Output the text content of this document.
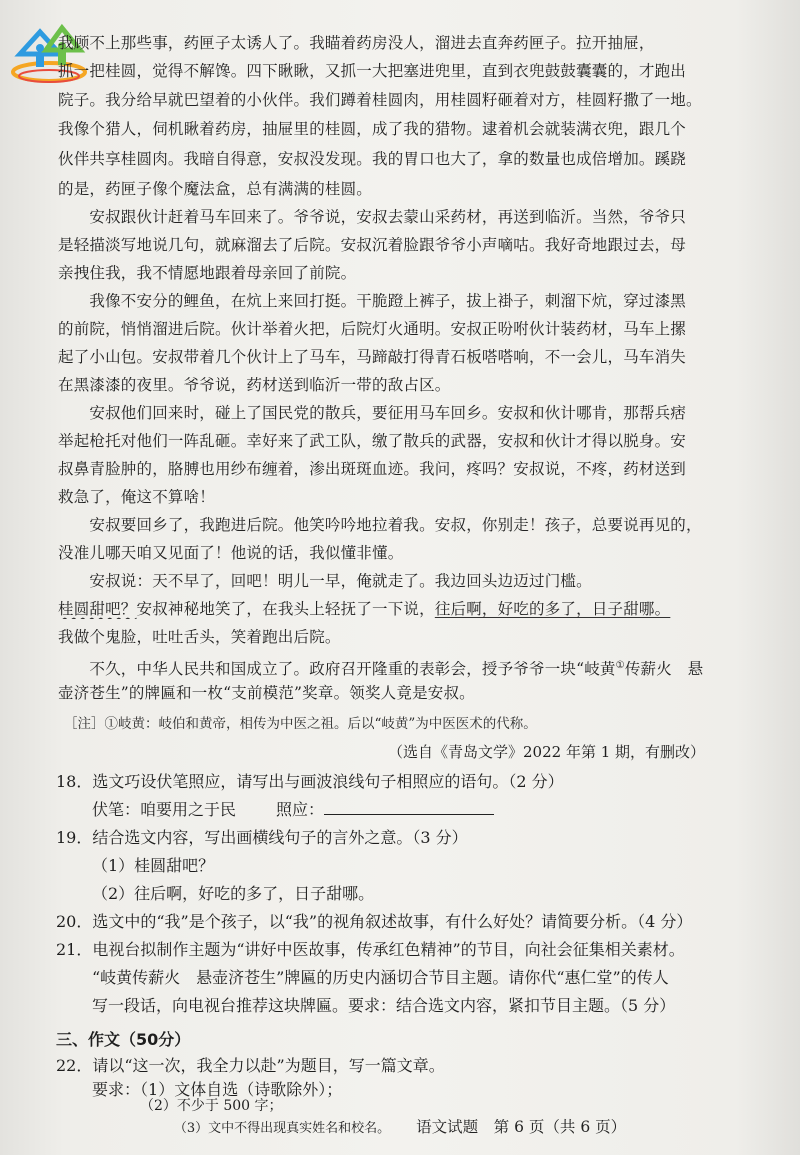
我顾不上那些事，药匣子太诱人了。我瞄着药房没人，溜进去直奔药匣子。拉开抽屉，
抓一把桂圆，觉得不解馋。四下瞅瞅，又抓一大把塞进兜里，直到衣兜鼓鼓囊囊的，才跑出
院子。我分给早就巴望着的小伙伴。我们蹲着桂圆肉，用桂圆籽砸着对方，桂圆籽撒了一地。
我像个猎人，伺机瞅着药房，抽屉里的桂圆，成了我的猎物。逮着机会就装满衣兜，跟几个
伙伴共享桂圆肉。我暗自得意，安叔没发现。我的胃口也大了，拿的数量也成倍增加。蹊跷
的是，药匣子像个魔法盒，总有满满的桂圆。
　　安叔跟伙计赶着马车回来了。爷爷说，安叔去蒙山采药材，再送到临沂。当然，爷爷只
是轻描淡写地说几句，就麻溜去了后院。安叔沉着脸跟爷爷小声嘀咕。我好奇地跟过去，母
亲拽住我，我不情愿地跟着母亲回了前院。
　　我像不安分的鲤鱼，在炕上来回打挺。干脆蹬上裤子，拔上褂子，刺溜下炕，穿过漆黑
的前院，悄悄溜进后院。伙计举着火把，后院灯火通明。安叔正吩咐伙计装药材，马车上摞
起了小山包。安叔带着几个伙计上了马车，马蹄敲打得青石板嗒嗒响，不一会儿，马车消失
在黑漆漆的夜里。爷爷说，药材送到临沂一带的敌占区。
　　安叔他们回来时，碰上了国民党的散兵，要征用马车回乡。安叔和伙计哪肯，那帮兵痞
举起枪托对他们一阵乱砸。幸好来了武工队，缴了散兵的武器，安叔和伙计才得以脱身。安
叔鼻青脸肿的，胳膊也用纱布缠着，渗出斑斑血迹。我问，疼吗？安叔说，不疼，药材送到
救急了，俺这不算啥！
　　安叔要回乡了，我跑进后院。他笑吟吟地拉着我。安叔，你别走！孩子，总要说再见的，
没准儿哪天咱又见面了！他说的话，我似懂非懂。
　　安叔说：天不早了，回吧！明儿一早，俺就走了。我边回头边迈过门槛。
桂圆甜吧？安叔神秘地笑了，在我头上轻抚了一下说，往后啊，好吃的多了，日子甜哪。
我做个鬼脸，吐吐舌头，笑着跑出后院。
　　不久，中华人民共和国成立了。政府召开隆重的表彰会，授予爷爷一块“岐黄①传薪火　悬
壶济苍生”的牌匾和一枚“支前模范”奖章。领奖人竟是安叔。
［注］①岐黄：岐伯和黄帝，相传为中医之祖。后以“岐黄”为中医医术的代称。
（选自《青岛文学》2022 年第 1 期，有删改）
18．选文巧设伏笔照应，请写出与画波浪线句子相照应的语句。（2 分）
伏笔：咱要用之于民	照应：
19．结合选文内容，写出画横线句子的言外之意。（3 分）
（1）桂圆甜吧？
（2）往后啊，好吃的多了，日子甜哪。
20．选文中的“我”是个孩子，以“我”的视角叙述故事，有什么好处？请简要分析。（4 分）
21．电视台拟制作主题为“讲好中医故事，传承红色精神”的节目，向社会征集相关素材。
“岐黄传薪火　悬壶济苍生”牌匾的历史内涵切合节目主题。请你代“惠仁堂”的传人
写一段话，向电视台推荐这块牌匾。要求：结合选文内容，紧扣节目主题。（5 分）
三、作文（50分）
22．请以“这一次，我全力以赴”为题目，写一篇文章。
要求：（1）文体自选（诗歌除外）；
（2）不少于 500 字；
（3）文中不得出现真实姓名和校名。 语文试题　第 6 页（共 6 页）
